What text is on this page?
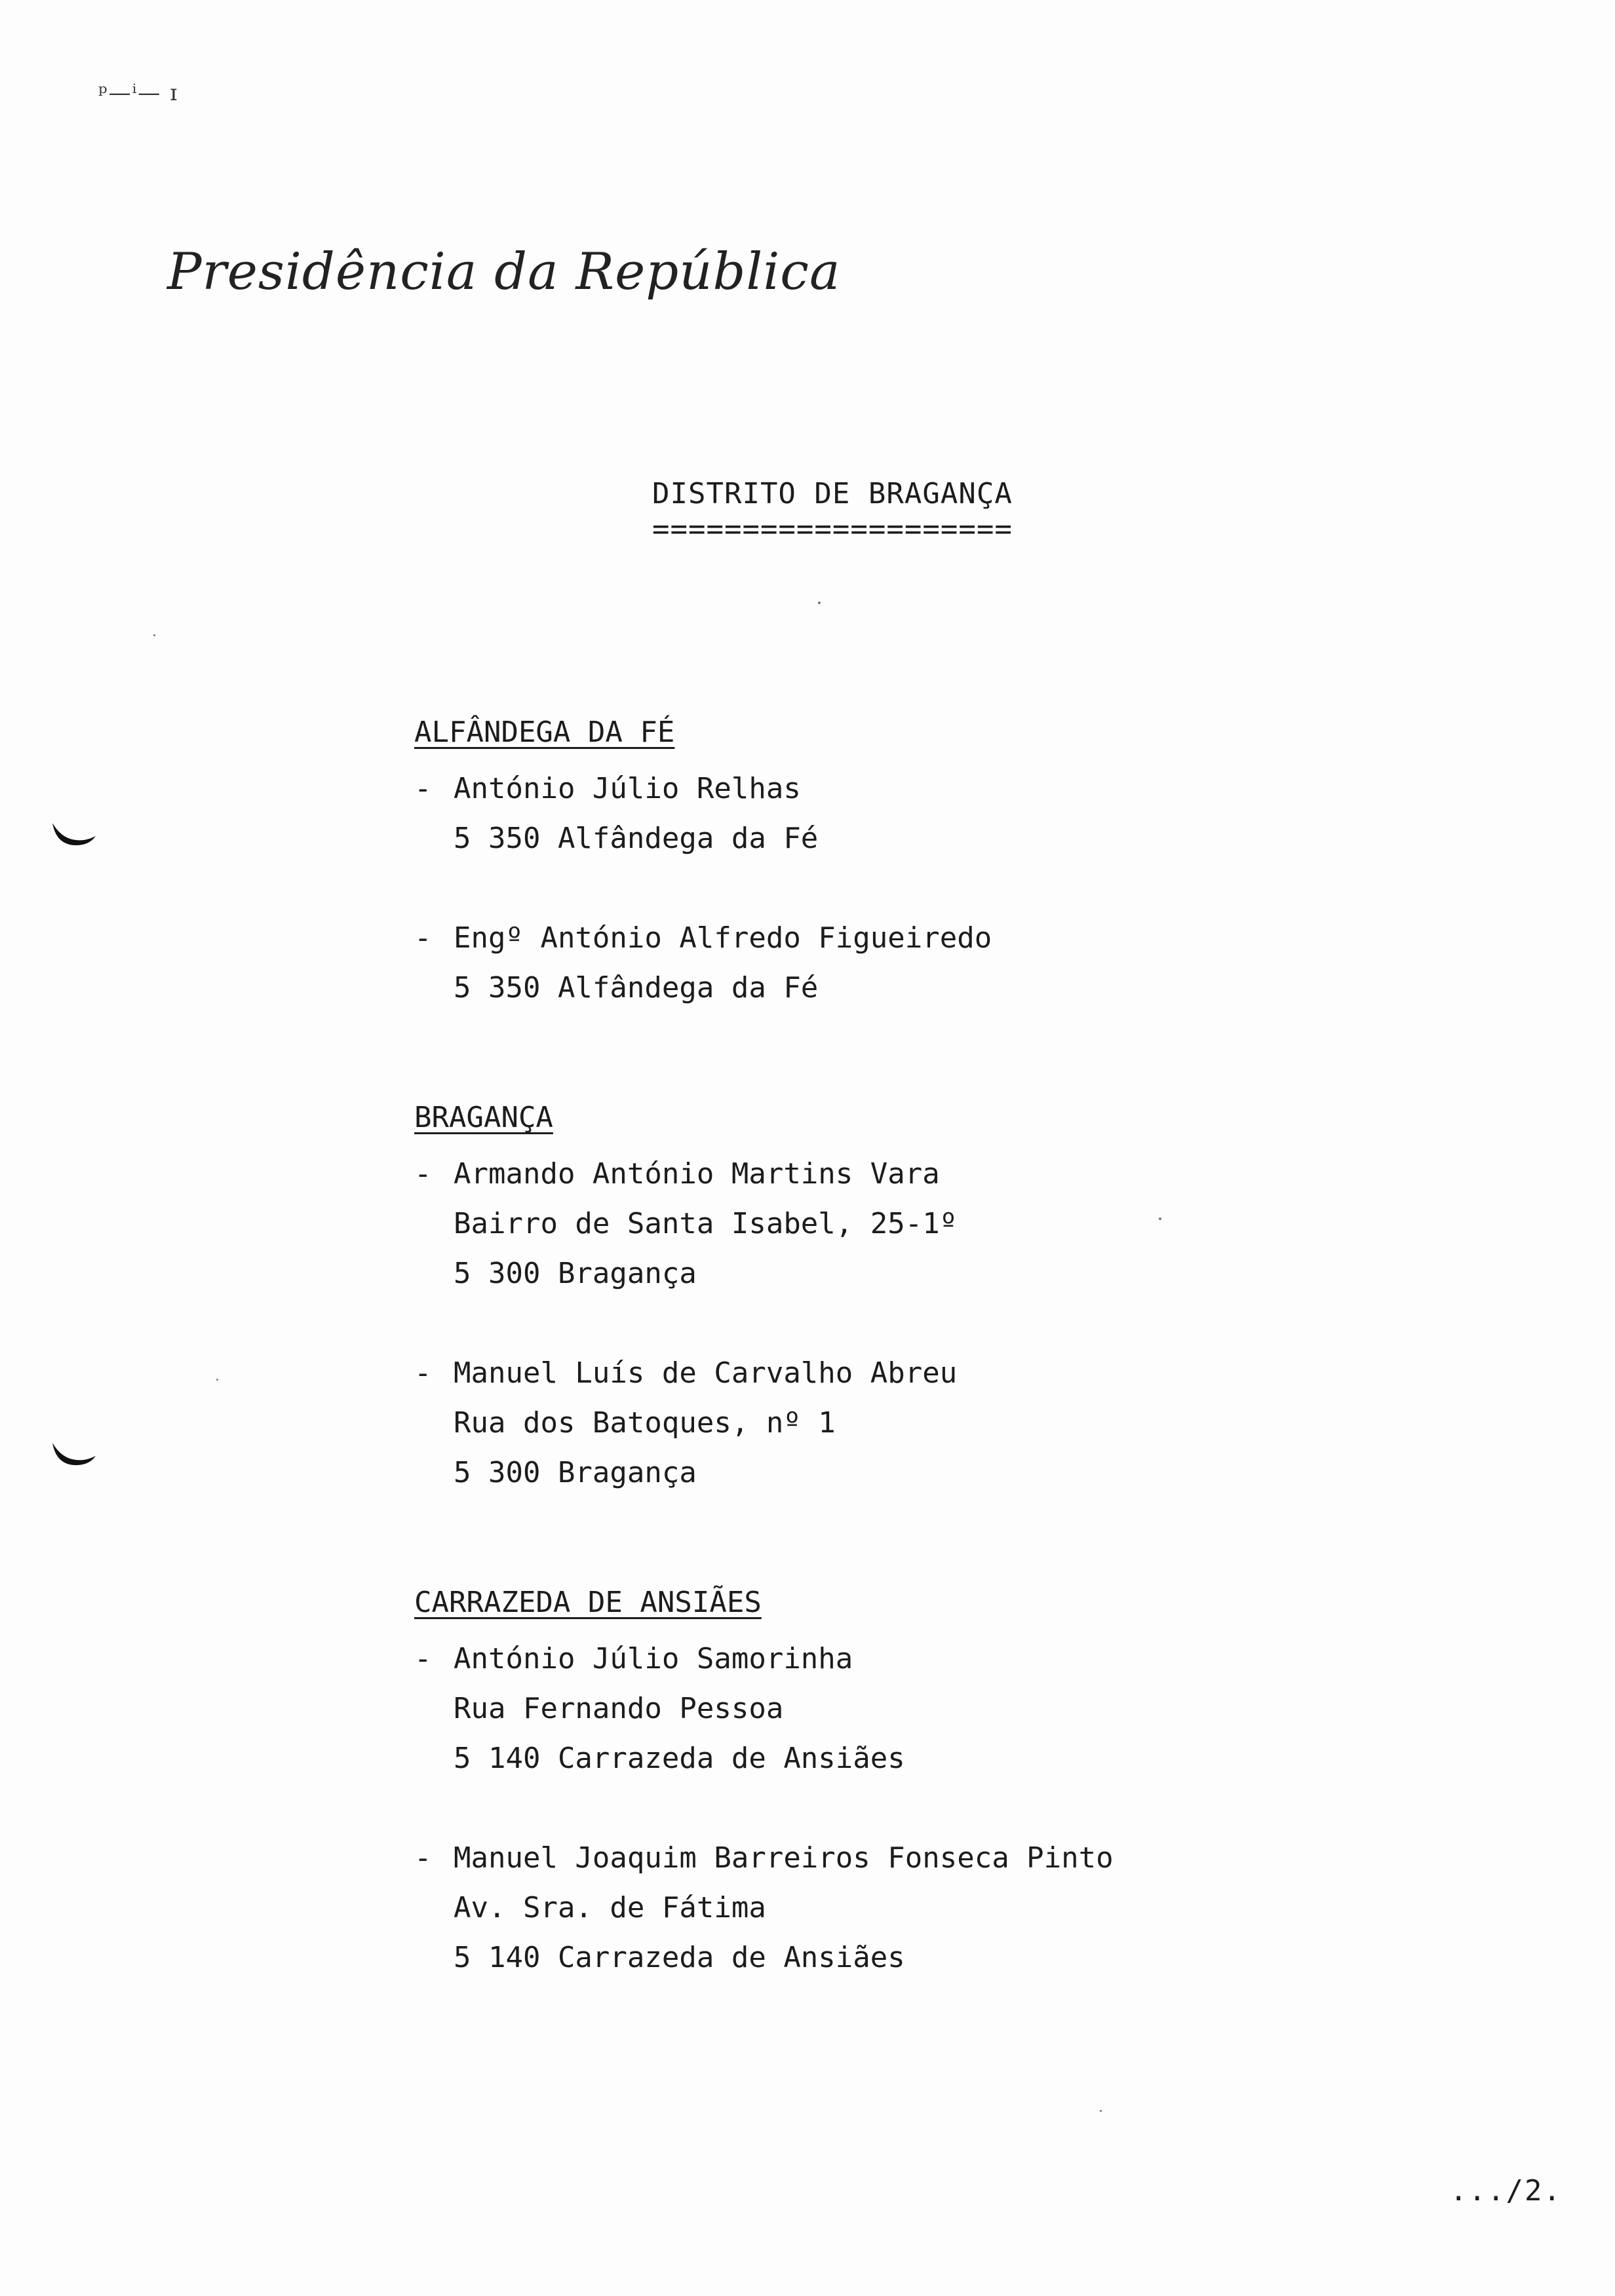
ᵖ—ⁱ— ɪ
Presidência da República
DISTRITO DE BRAGANÇA
====================
ALFÂNDEGA DA FÉ
- António Júlio Relhas
5 350 Alfândega da Fé
- Engº António Alfredo Figueiredo
5 350 Alfândega da Fé
BRAGANÇA
- Armando António Martins Vara
Bairro de Santa Isabel, 25-1º
5 300 Bragança
- Manuel Luís de Carvalho Abreu
Rua dos Batoques, nº 1
5 300 Bragança
CARRAZEDA DE ANSIÃES
- António Júlio Samorinha
Rua Fernando Pessoa
5 140 Carrazeda de Ansiães
- Manuel Joaquim Barreiros Fonseca Pinto
Av. Sra. de Fátima
5 140 Carrazeda de Ansiães
.../2.
